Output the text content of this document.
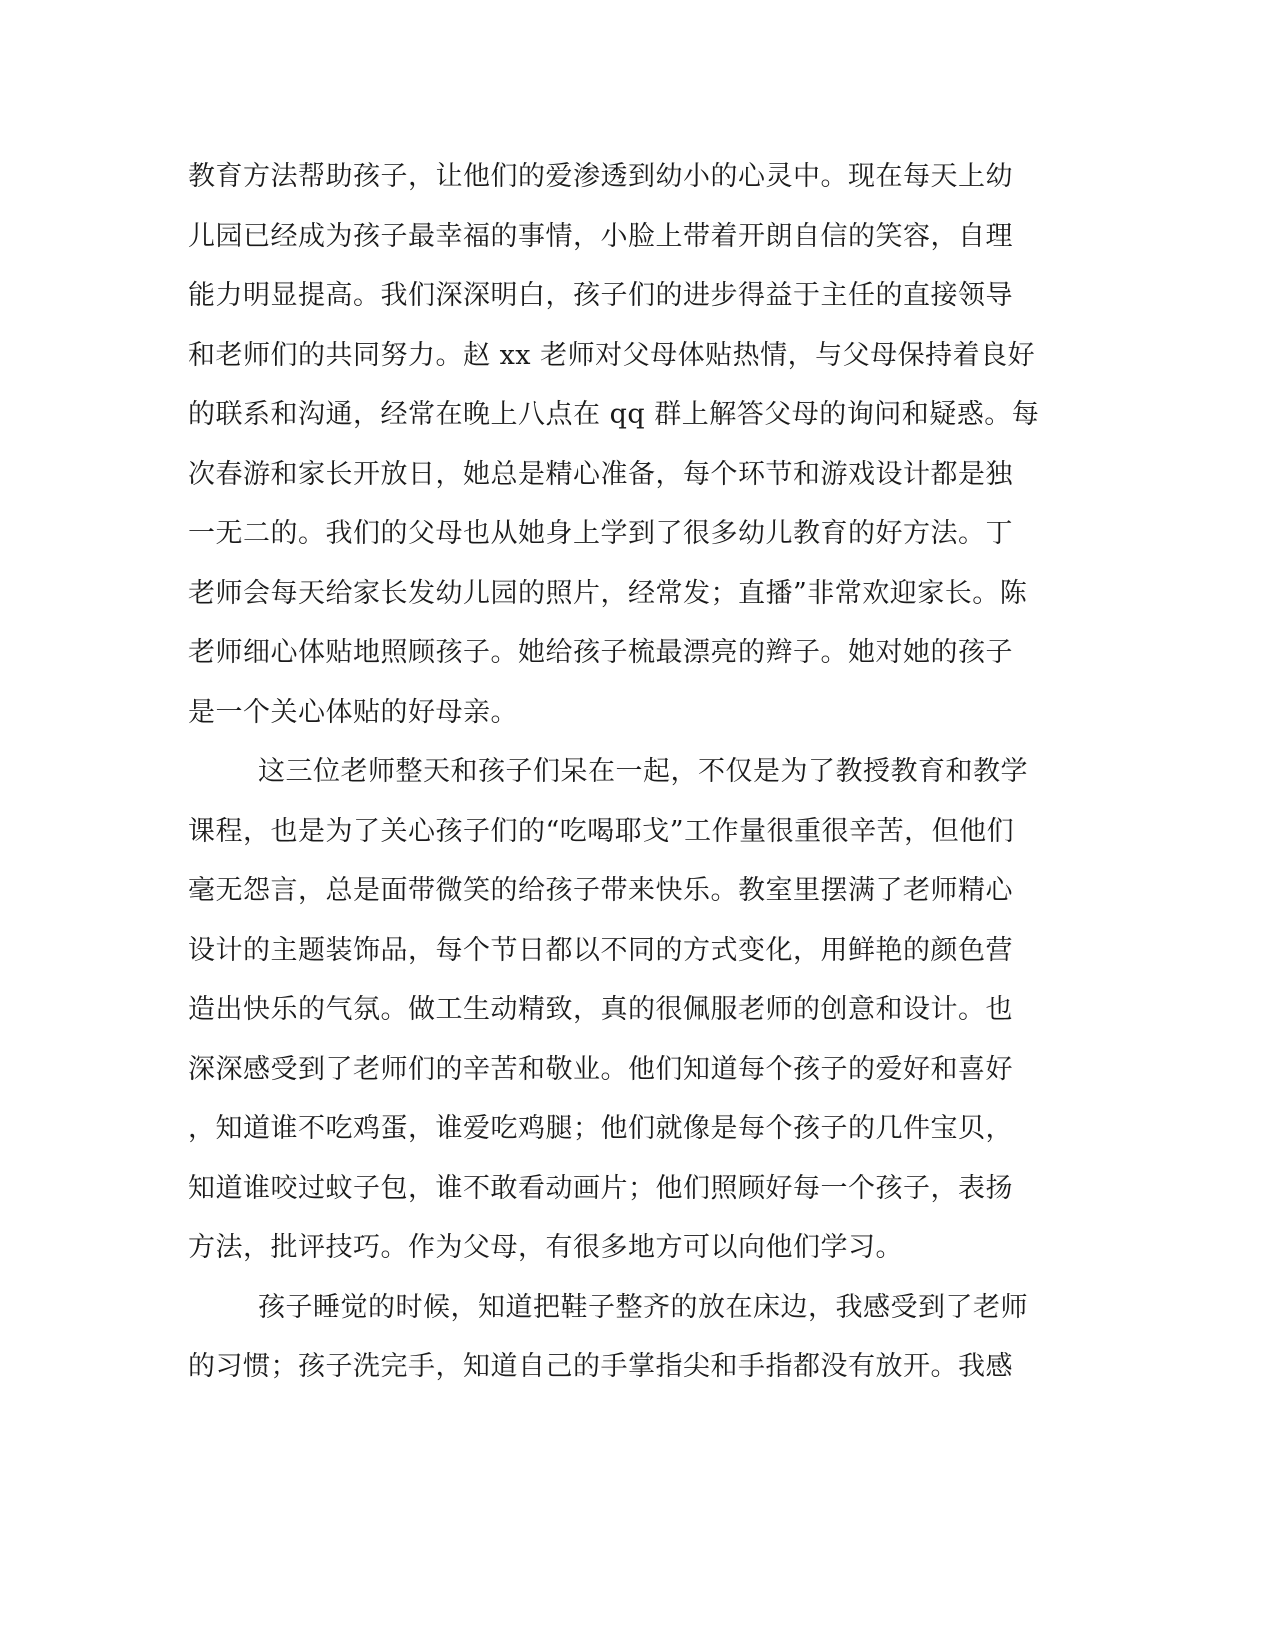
教育方法帮助孩子，让他们的爱渗透到幼小的心灵中。现在每天上幼
儿园已经成为孩子最幸福的事情，小脸上带着开朗自信的笑容，自理
能力明显提高。我们深深明白，孩子们的进步得益于主任的直接领导
和老师们的共同努力。赵 xx 老师对父母体贴热情，与父母保持着良好
的联系和沟通，经常在晚上八点在 qq 群上解答父母的询问和疑惑。每
次春游和家长开放日，她总是精心准备，每个环节和游戏设计都是独
一无二的。我们的父母也从她身上学到了很多幼儿教育的好方法。丁
老师会每天给家长发幼儿园的照片，经常发；直播”非常欢迎家长。陈
老师细心体贴地照顾孩子。她给孩子梳最漂亮的辫子。她对她的孩子
是一个关心体贴的好母亲。
这三位老师整天和孩子们呆在一起，不仅是为了教授教育和教学
课程，也是为了关心孩子们的“吃喝耶戈”工作量很重很辛苦，但他们
毫无怨言，总是面带微笑的给孩子带来快乐。教室里摆满了老师精心
设计的主题装饰品，每个节日都以不同的方式变化，用鲜艳的颜色营
造出快乐的气氛。做工生动精致，真的很佩服老师的创意和设计。也
深深感受到了老师们的辛苦和敬业。他们知道每个孩子的爱好和喜好
，知道谁不吃鸡蛋，谁爱吃鸡腿；他们就像是每个孩子的几件宝贝，
知道谁咬过蚊子包，谁不敢看动画片；他们照顾好每一个孩子，表扬
方法，批评技巧。作为父母，有很多地方可以向他们学习。
孩子睡觉的时候，知道把鞋子整齐的放在床边，我感受到了老师
的习惯；孩子洗完手，知道自己的手掌指尖和手指都没有放开。我感
